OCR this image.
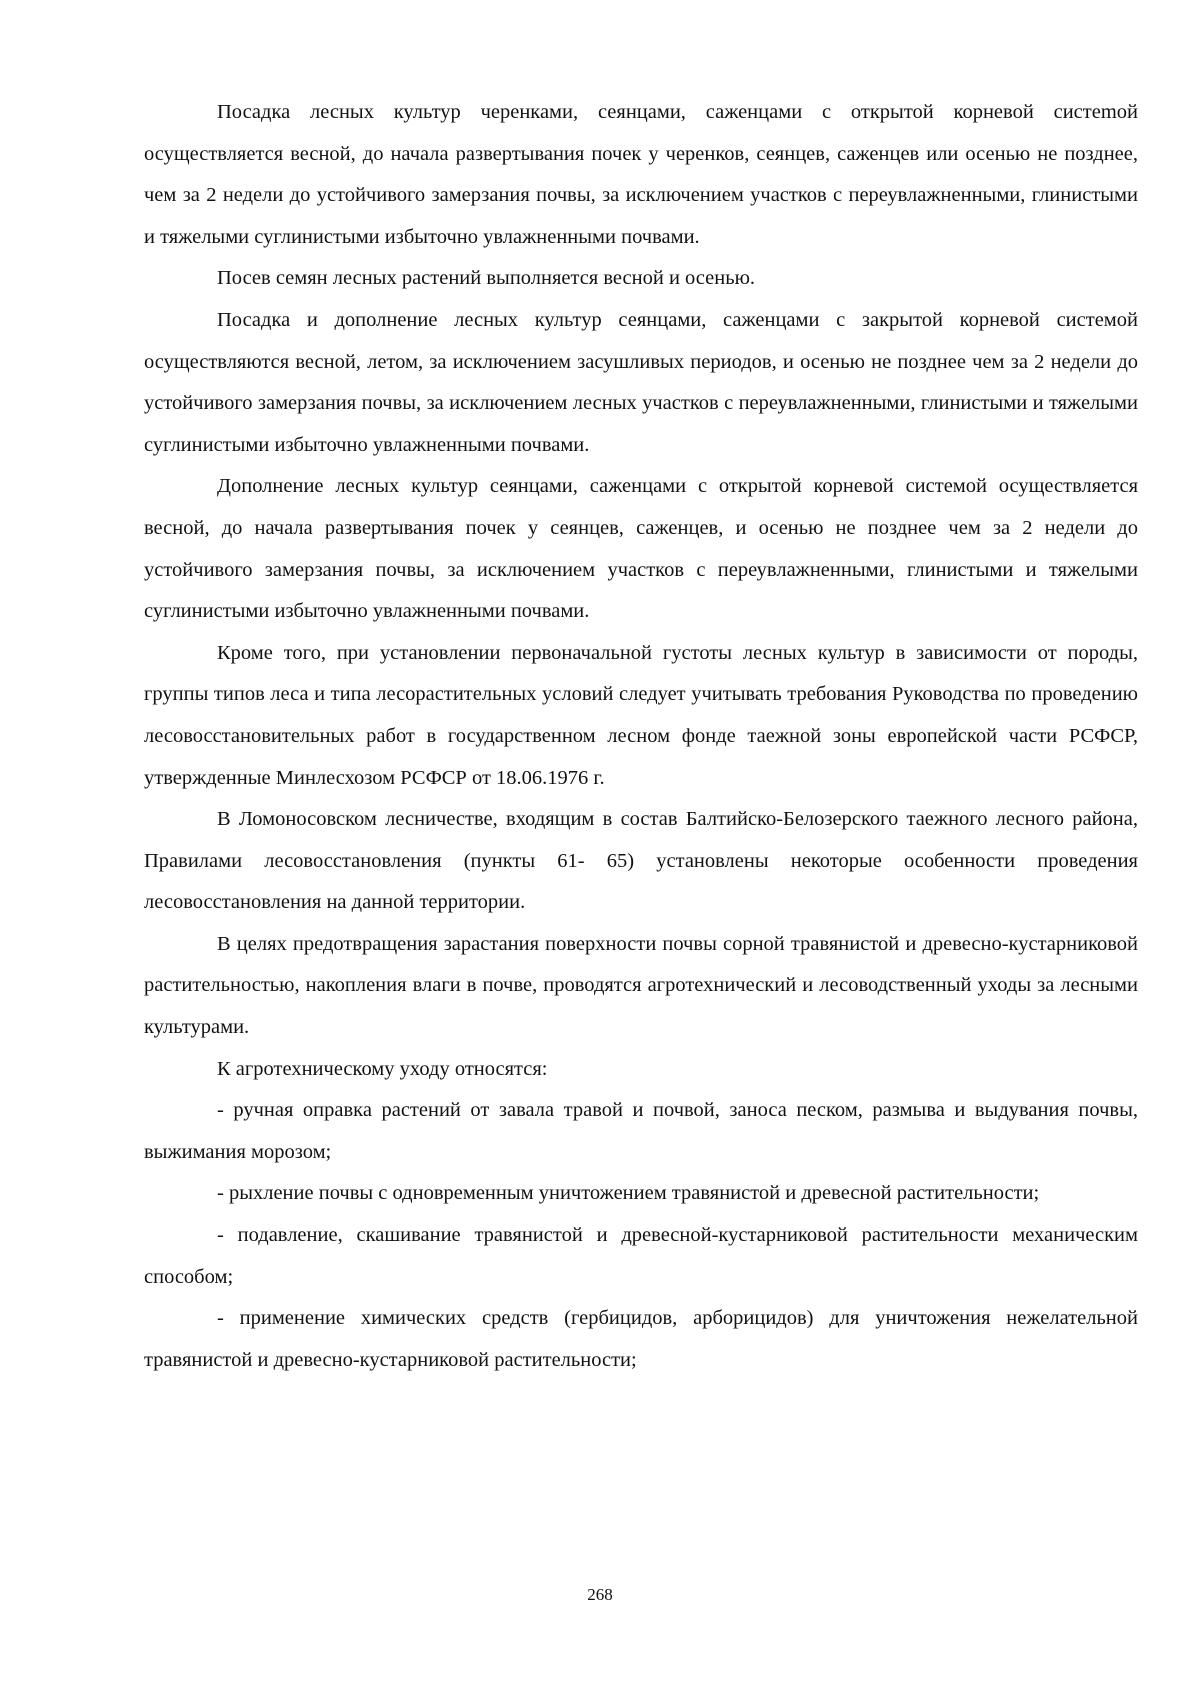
Посадка лесных культур черенками, сеянцами, саженцами с открытой корневой систеmой осуществляется весной, до начала развертывания почек у черенков, сеянцев, саженцев или осенью не позднее, чем за 2 недели до устойчивого замерзания почвы, за исключением участков с переувлажненными, глинистыми и тяжелыми суглинистыми избыточно увлажненными почвами.

Посев семян лесных растений выполняется весной и осенью.

Посадка и дополнение лесных культур сеянцами, саженцами с закрытой корневой системой осуществляются весной, летом, за исключением засушливых периодов, и осенью не позднее чем за 2 недели до устойчивого замерзания почвы, за исключением лесных участков с переувлажненными, глинистыми и тяжелыми суглинистыми избыточно увлажненными почвами.

Дополнение лесных культур сеянцами, саженцами с открытой корневой системой осуществляется весной, до начала развертывания почек у сеянцев, саженцев, и осенью не позднее чем за 2 недели до устойчивого замерзания почвы, за исключением участков с переувлажненными, глинистыми и тяжелыми суглинистыми избыточно увлажненными почвами.

Кроме того, при установлении первоначальной густоты лесных культур в зависимости от породы, группы типов леса и типа лесорастительных условий следует учитывать требования Руководства по проведению лесовосстановительных работ в государственном лесном фонде таежной зоны европейской части РСФСР, утвержденные Минлесхозом РСФСР от 18.06.1976 г.

В Ломоносовском лесничестве, входящим в состав Балтийско-Белозерского таежного лесного района, Правилами лесовосстановления (пункты 61- 65) установлены некоторые особенности проведения лесовосстановления на данной территории.

В целях предотвращения зарастания поверхности почвы сорной травянистой и древесно-кустарниковой растительностью, накопления влаги в почве, проводятся агротехнический и лесоводственный уходы за лесными культурами.

К агротехническому уходу относятся:

- ручная оправка растений от завала травой и почвой, заноса песком, размыва и выдувания почвы, выжимания морозом;

- рыхление почвы с одновременным уничтожением травянистой и древесной растительности;

- подавление, скашивание травянистой и древесной-кустарниковой растительности механическим способом;

- применение химических средств (гербицидов, арборицидов) для уничтожения нежелательной травянистой и древесно-кустарниковой растительности;

268
